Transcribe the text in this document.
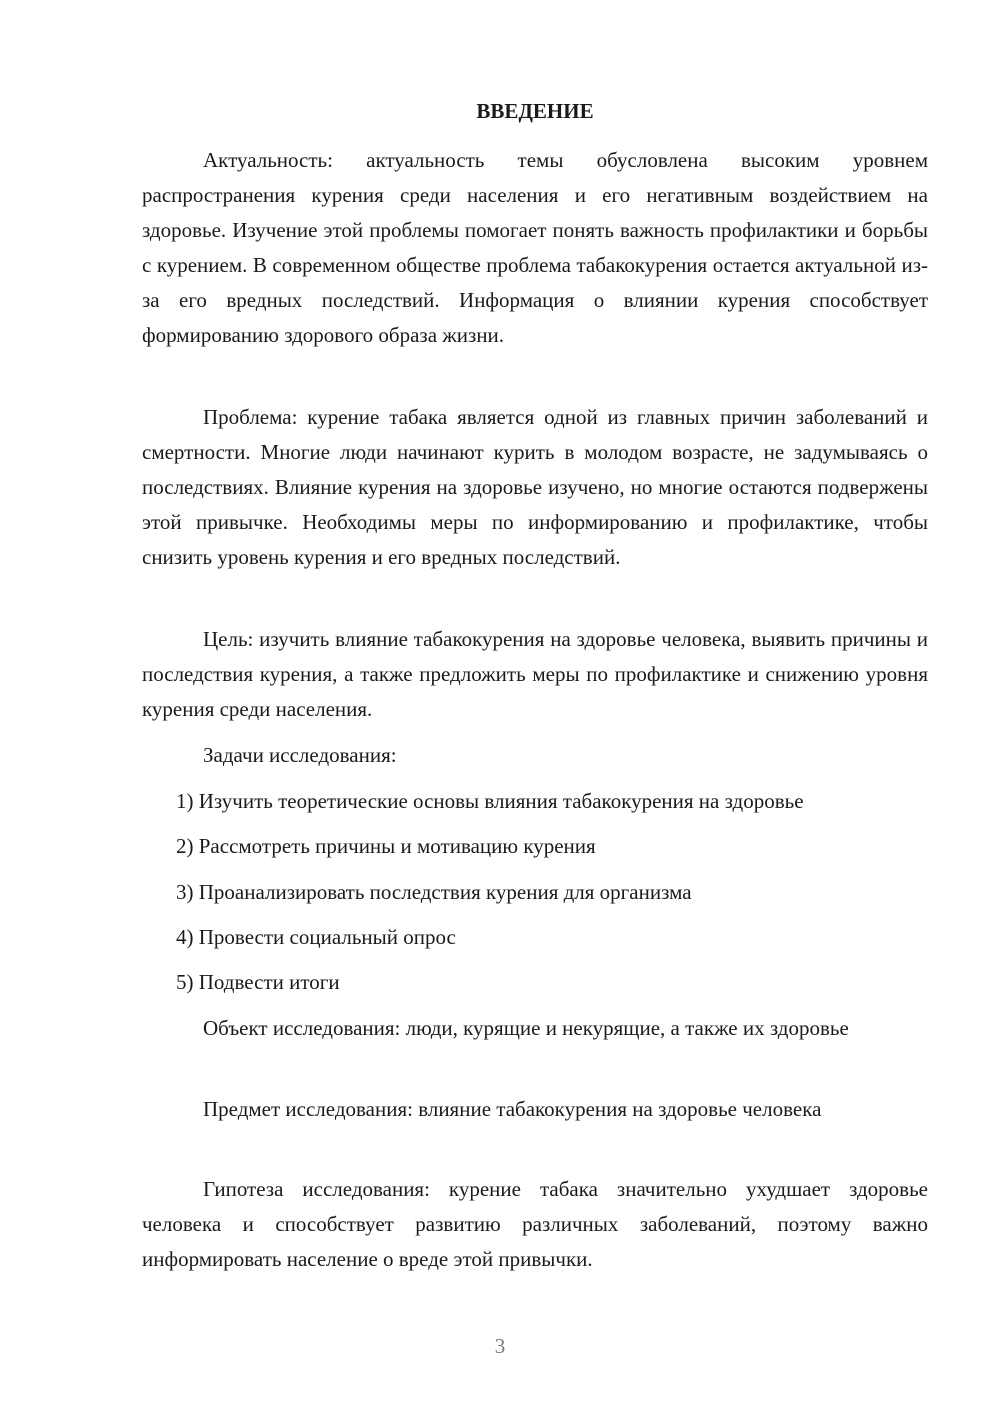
ВВЕДЕНИЕ

Актуальность: актуальность темы обусловлена высоким уровнем распространения курения среди населения и его негативным воздействием на здоровье. Изучение этой проблемы помогает понять важность профилактики и борьбы с курением. В современном обществе проблема табакокурения остается актуальной из-за его вредных последствий. Информация о влиянии курения способствует формированию здорового образа жизни.

Проблема: курение табака является одной из главных причин заболеваний и смертности. Многие люди начинают курить в молодом возрасте, не задумываясь о последствиях. Влияние курения на здоровье изучено, но многие остаются подвержены этой привычке. Необходимы меры по информированию и профилактике, чтобы снизить уровень курения и его вредных последствий.

Цель: изучить влияние табакокурения на здоровье человека, выявить причины и последствия курения, а также предложить меры по профилактике и снижению уровня курения среди населения.

Задачи исследования:

1) Изучить теоретические основы влияния табакокурения на здоровье

2) Рассмотреть причины и мотивацию курения

3) Проанализировать последствия курения для организма

4) Провести социальный опрос

5) Подвести итоги

Объект исследования: люди, курящие и некурящие, а также их здоровье

Предмет исследования: влияние табакокурения на здоровье человека

Гипотеза исследования: курение табака значительно ухудшает здоровье человека и способствует развитию различных заболеваний, поэтому важно информировать население о вреде этой привычки.

3
